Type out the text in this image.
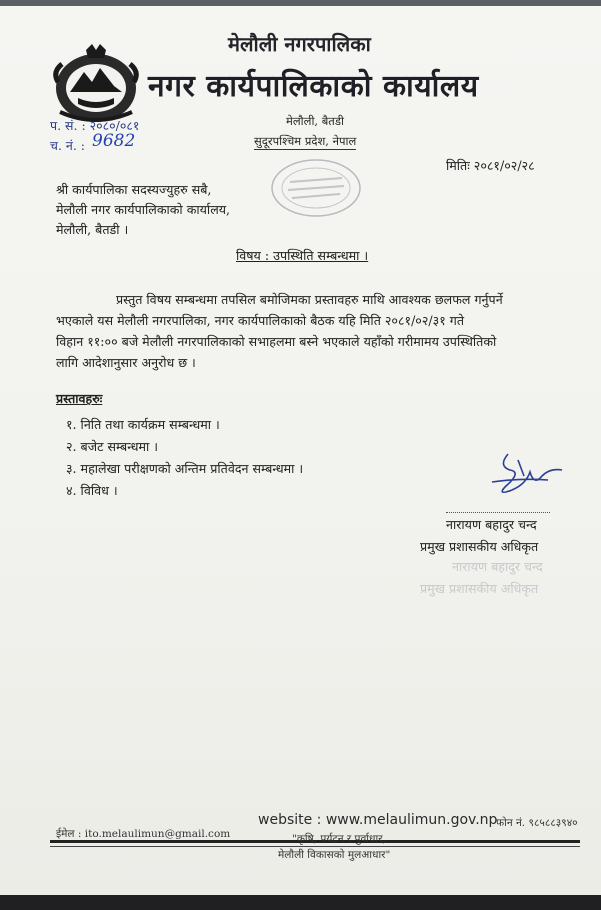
मेलौली नगरपालिका
नगर कार्यपालिकाको कार्यालय
प. सं. : २०८०/०८१
च. नं. : 9682
मेलौली, बैतडी
सुदूरपश्चिम प्रदेश, नेपाल
मितिः २०८१/०२/२८
श्री कार्यपालिका सदस्यज्युहरु सबै,
मेलौली नगर कार्यपालिकाको कार्यालय,
मेलौली, बैतडी ।
विषय : उपस्थिति सम्बन्धमा ।
प्रस्तुत विषय सम्बन्धमा तपसिल बमोजिमका प्रस्तावहरु माथि आवश्यक छलफल गर्नुपर्ने
भएकाले यस मेलौली नगरपालिका, नगर कार्यपालिकाको बैठक यहि मिति २०८१/०२/३१ गते
विहान ११:०० बजे मेलौली नगरपालिकाको सभाहलमा बस्ने भएकाले यहाँको गरीमामय उपस्थितिको
लागि आदेशानुसार अनुरोध छ ।
प्रस्तावहरुः
१. निति तथा कार्यक्रम सम्बन्धमा ।
२. बजेट सम्बन्धमा ।
३. महालेखा परीक्षणको अन्तिम प्रतिवेदन सम्बन्धमा ।
४. विविध ।
नारायण बहादुर चन्द
प्रमुख प्रशासकीय अधिकृत
नारायण बहादुर चन्द
प्रमुख प्रशासकीय अधिकृत
ईमेल : ito.melaulimun@gmail.com
website : www.melaulimun.gov.np
"कृषि, पर्यटन र पुर्वाधार,
मेलौली विकासको मुलआधार"
फोन नं. ९८५८८३९४०
